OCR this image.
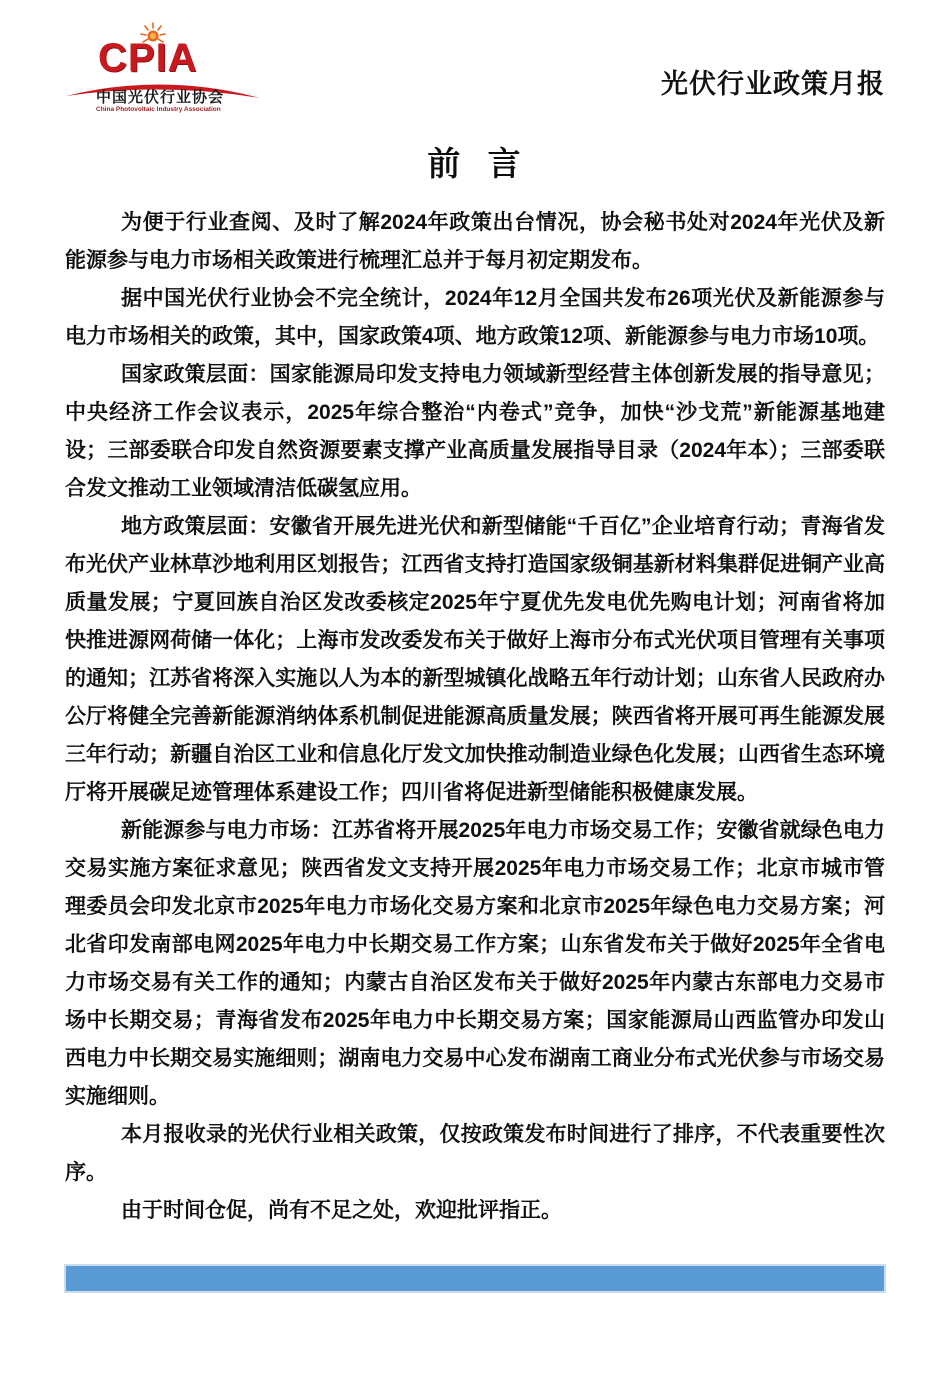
CPIA
中国光伏行业协会
China Photovoltaic Industry Association
光伏行业政策月报
前 言

为便于行业查阅、及时了解2024年政策出台情况，协会秘书处对2024年光伏及新能源参与电力市场相关政策进行梳理汇总并于每月初定期发布。

据中国光伏行业协会不完全统计，2024年12月全国共发布26项光伏及新能源参与电力市场相关的政策，其中，国家政策4项、地方政策12项、新能源参与电力市场10项。

国家政策层面：国家能源局印发支持电力领域新型经营主体创新发展的指导意见；中央经济工作会议表示，2025年综合整治“内卷式”竞争，加快“沙戈荒”新能源基地建设；三部委联合印发自然资源要素支撑产业高质量发展指导目录（2024年本）；三部委联合发文推动工业领域清洁低碳氢应用。

地方政策层面：安徽省开展先进光伏和新型储能“千百亿”企业培育行动；青海省发布光伏产业林草沙地利用区划报告；江西省支持打造国家级铜基新材料集群促进铜产业高质量发展；宁夏回族自治区发改委核定2025年宁夏优先发电优先购电计划；河南省将加快推进源网荷储一体化；上海市发改委发布关于做好上海市分布式光伏项目管理有关事项的通知；江苏省将深入实施以人为本的新型城镇化战略五年行动计划；山东省人民政府办公厅将健全完善新能源消纳体系机制促进能源高质量发展；陕西省将开展可再生能源发展三年行动；新疆自治区工业和信息化厅发文加快推动制造业绿色化发展；山西省生态环境厅将开展碳足迹管理体系建设工作；四川省将促进新型储能积极健康发展。

新能源参与电力市场：江苏省将开展2025年电力市场交易工作；安徽省就绿色电力交易实施方案征求意见；陕西省发文支持开展2025年电力市场交易工作；北京市城市管理委员会印发北京市2025年电力市场化交易方案和北京市2025年绿色电力交易方案；河北省印发南部电网2025年电力中长期交易工作方案；山东省发布关于做好2025年全省电力市场交易有关工作的通知；内蒙古自治区发布关于做好2025年内蒙古东部电力交易市场中长期交易；青海省发布2025年电力中长期交易方案；国家能源局山西监管办印发山西电力中长期交易实施细则；湖南电力交易中心发布湖南工商业分布式光伏参与市场交易实施细则。

本月报收录的光伏行业相关政策，仅按政策发布时间进行了排序，不代表重要性次序。

由于时间仓促，尚有不足之处，欢迎批评指正。
